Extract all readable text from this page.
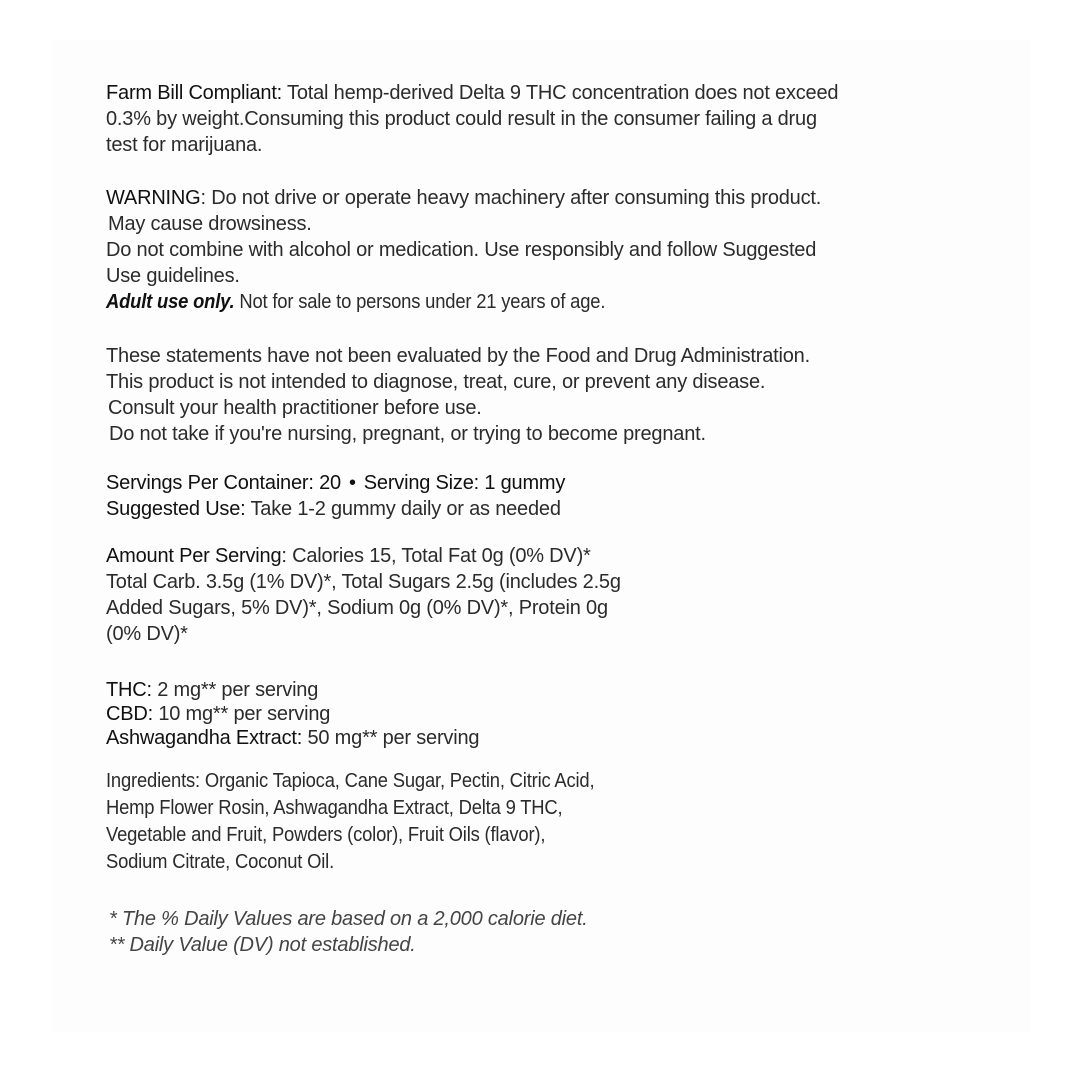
Farm Bill Compliant: Total hemp-derived Delta 9 THC concentration does not exceed
0.3% by weight.Consuming this product could result in the consumer failing a drug
test for marijuana.
WARNING: Do not drive or operate heavy machinery after consuming this product.
May cause drowsiness.
Do not combine with alcohol or medication. Use responsibly and follow Suggested
Use guidelines.
Adult use only. Not for sale to persons under 21 years of age.
These statements have not been evaluated by the Food and Drug Administration.
This product is not intended to diagnose, treat, cure, or prevent any disease.
Consult your health practitioner before use.
Do not take if you're nursing, pregnant, or trying to become pregnant.
Servings Per Container: 20 • Serving Size: 1 gummy
Suggested Use: Take 1-2 gummy daily or as needed
Amount Per Serving: Calories 15, Total Fat 0g (0% DV)*
Total Carb. 3.5g (1% DV)*, Total Sugars 2.5g (includes 2.5g
Added Sugars, 5% DV)*, Sodium 0g (0% DV)*, Protein 0g
(0% DV)*
THC: 2 mg** per serving
CBD: 10 mg** per serving
Ashwagandha Extract: 50 mg** per serving
Ingredients: Organic Tapioca, Cane Sugar, Pectin, Citric Acid,
Hemp Flower Rosin, Ashwagandha Extract, Delta 9 THC,
Vegetable and Fruit, Powders (color), Fruit Oils (flavor),
Sodium Citrate, Coconut Oil.
* The % Daily Values are based on a 2,000 calorie diet.
** Daily Value (DV) not established.
